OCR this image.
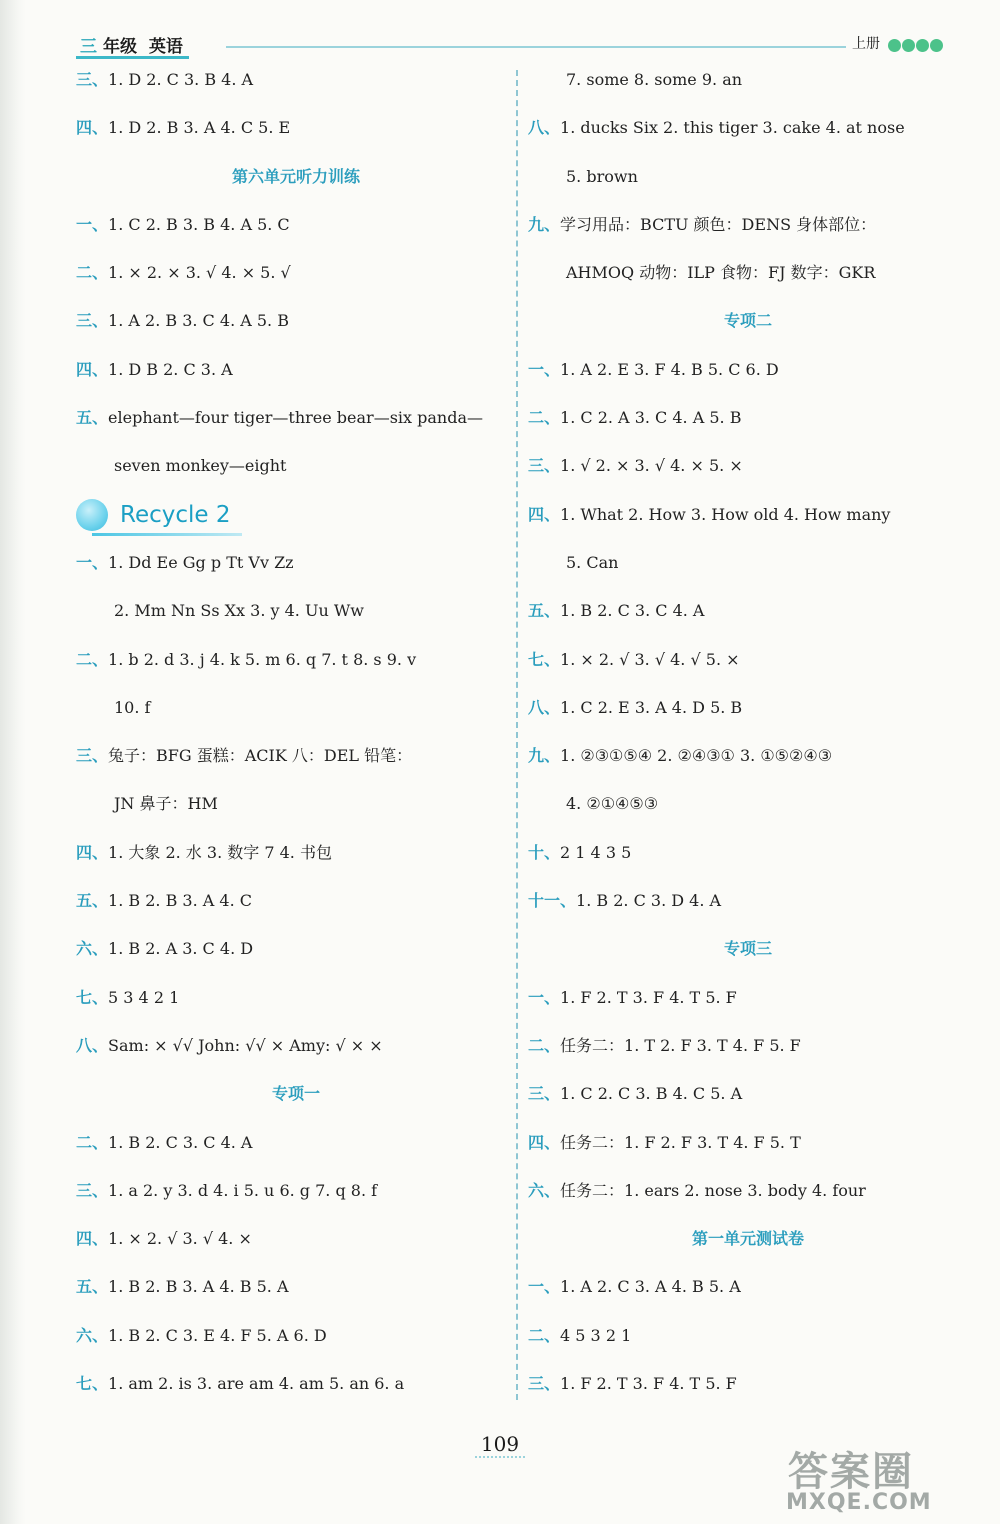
三 年级 英语	上册
三、1. D 2. C 3. B 4. A
四、1. D 2. B 3. A 4. C 5. E
第六单元听力训练
一、1. C 2. B 3. B 4. A 5. C
二、1. × 2. × 3. √ 4. × 5. √
三、1. A 2. B 3. C 4. A 5. B
四、1. D B 2. C 3. A
五、elephant—four tiger—three bear—six panda—
seven monkey—eight
Recycle 2
一、1. Dd Ee Gg p Tt Vv Zz
2. Mm Nn Ss Xx 3. y 4. Uu Ww
二、1. b 2. d 3. j 4. k 5. m 6. q 7. t 8. s 9. v
10. f
三、兔子：BFG 蛋糕：ACIK 八：DEL 铅笔：
JN 鼻子：HM
四、1. 大象 2. 水 3. 数字 7 4. 书包
五、1. B 2. B 3. A 4. C
六、1. B 2. A 3. C 4. D
七、5 3 4 2 1
八、Sam: × √√ John: √√ × Amy: √ × ×
专项一
二、1. B 2. C 3. C 4. A
三、1. a 2. y 3. d 4. i 5. u 6. g 7. q 8. f
四、1. × 2. √ 3. √ 4. ×
五、1. B 2. B 3. A 4. B 5. A
六、1. B 2. C 3. E 4. F 5. A 6. D
七、1. am 2. is 3. are am 4. am 5. an 6. a
7. some 8. some 9. an
八、1. ducks Six 2. this tiger 3. cake 4. at nose
5. brown
九、学习用品：BCTU 颜色：DENS 身体部位：
AHMOQ 动物：ILP 食物：FJ 数字：GKR
专项二
一、1. A 2. E 3. F 4. B 5. C 6. D
二、1. C 2. A 3. C 4. A 5. B
三、1. √ 2. × 3. √ 4. × 5. ×
四、1. What 2. How 3. How old 4. How many
5. Can
五、1. B 2. C 3. C 4. A
七、1. × 2. √ 3. √ 4. √ 5. ×
八、1. C 2. E 3. A 4. D 5. B
九、1. ②③①⑤④ 2. ②④③① 3. ①⑤②④③
4. ②①④⑤③
十、2 1 4 3 5
十一、1. B 2. C 3. D 4. A
专项三
一、1. F 2. T 3. F 4. T 5. F
二、任务二：1. T 2. F 3. T 4. F 5. F
三、1. C 2. C 3. B 4. C 5. A
四、任务二：1. F 2. F 3. T 4. F 5. T
六、任务二：1. ears 2. nose 3. body 4. four
第一单元测试卷
一、1. A 2. C 3. A 4. B 5. A
二、4 5 3 2 1
三、1. F 2. T 3. F 4. T 5. F
109
答案圈
MXQE.COM
